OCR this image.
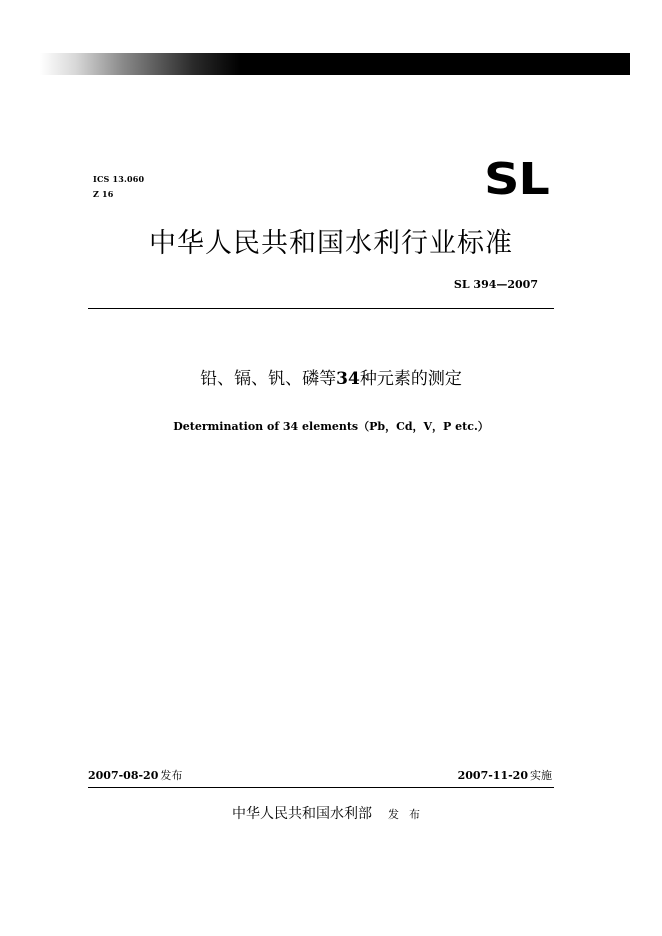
ICS 13.060
Z 16	SL
中华人民共和国水利行业标准
SL 394—2007
铅、镉、钒、磷等34种元素的测定
Determination of 34 elements（Pb，Cd，V，P etc.）
2007-08-20 发布	2007-11-20 实施
中华人民共和国水利部 发布
